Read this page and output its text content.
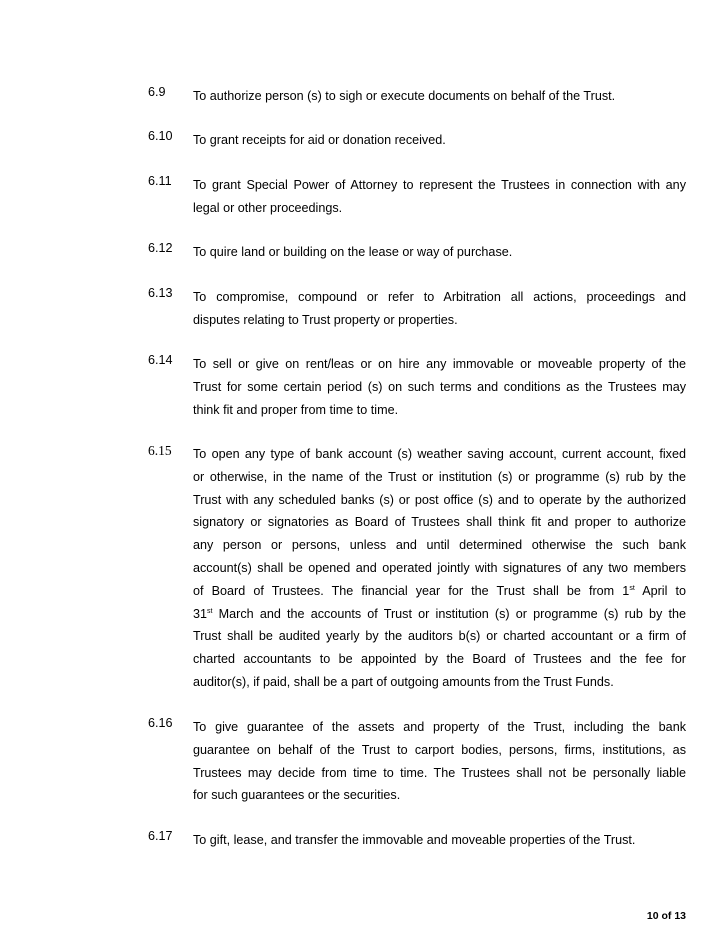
6.9	To authorize person (s) to sigh or execute documents on behalf of the Trust.
6.10	To grant receipts for aid or donation received.
6.11	To grant Special Power of Attorney to represent the Trustees in connection with any
legal or other proceedings.
6.12	To quire land or building on the lease or way of purchase.
6.13	To compromise, compound or refer to Arbitration all actions, proceedings and
disputes relating to Trust property or properties.
6.14	To sell or give on rent/leas or on hire any immovable or moveable property of the
Trust for some certain period (s) on such terms and conditions as the Trustees may
think fit and proper from time to time.
6.15	To open any type of bank account (s) weather saving account, current account, fixed
or otherwise, in the name of the Trust or institution (s) or programme (s) rub by the
Trust with any scheduled banks (s) or post office (s) and to operate by the authorized
signatory or signatories as Board of Trustees shall think fit and proper to authorize
any person or persons, unless and until determined otherwise the such bank
account(s) shall be opened and operated jointly with signatures of any two members
of Board of Trustees. The financial year for the Trust shall be from 1st April to
31st March and the accounts of Trust or institution (s) or programme (s) rub by the
Trust shall be audited yearly by the auditors b(s) or charted accountant or a firm of
charted accountants to be appointed by the Board of Trustees and the fee for
auditor(s), if paid, shall be a part of outgoing amounts from the Trust Funds.
6.16	To give guarantee of the assets and property of the Trust, including the bank
guarantee on behalf of the Trust to carport bodies, persons, firms, institutions, as
Trustees may decide from time to time. The Trustees shall not be personally liable
for such guarantees or the securities.
6.17	To gift, lease, and transfer the immovable and moveable properties of the Trust.
10 of 13
